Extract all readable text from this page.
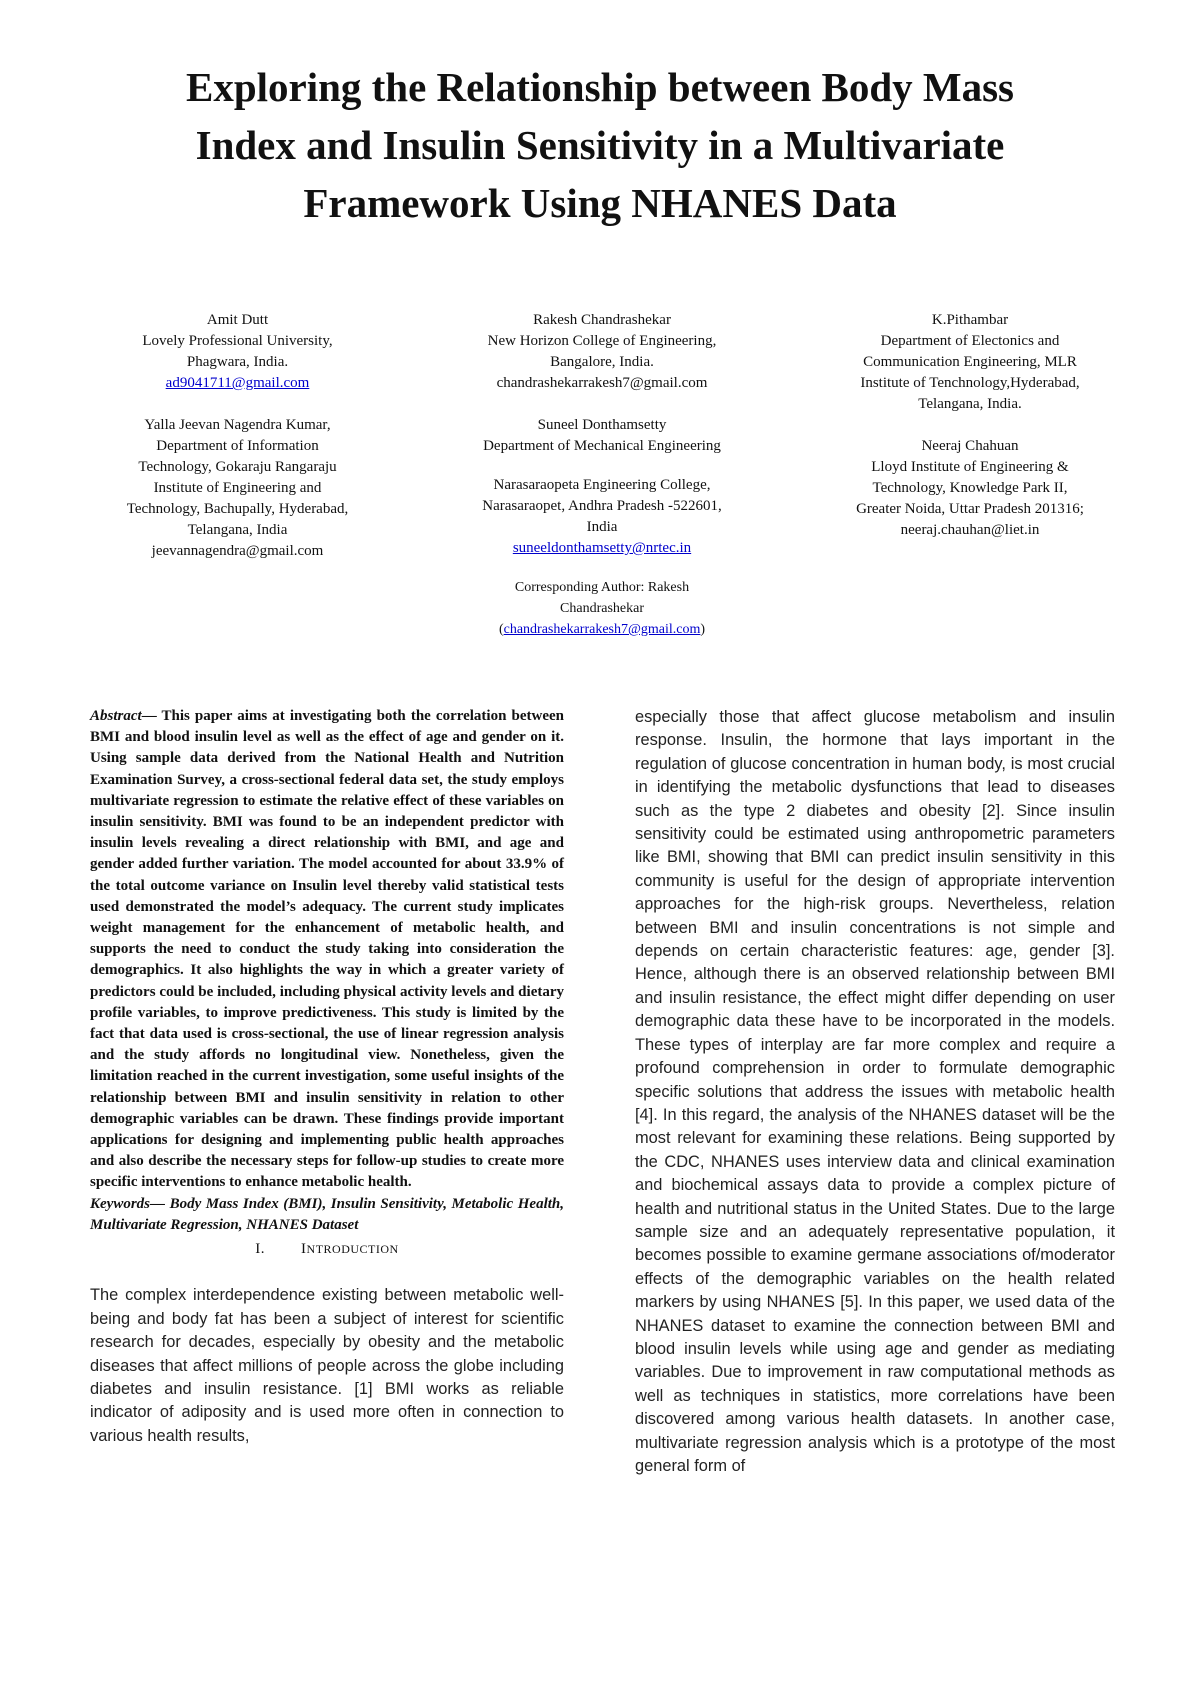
Exploring the Relationship between Body Mass
Index and Insulin Sensitivity in a Multivariate
Framework Using NHANES Data
Amit Dutt
Lovely Professional University,
Phagwara, India.
ad9041711@gmail.com
Yalla Jeevan Nagendra Kumar,
Department of Information
Technology, Gokaraju Rangaraju
Institute of Engineering and
Technology, Bachupally, Hyderabad,
Telangana, India
jeevannagendra@gmail.com
Rakesh Chandrashekar
New Horizon College of Engineering,
Bangalore, India.
chandrashekarrakesh7@gmail.com
Suneel Donthamsetty
Department of Mechanical Engineering
Narasaraopeta Engineering College,
Narasaraopet, Andhra Pradesh -522601,
India
suneeldonthamsetty@nrtec.in
Corresponding Author: Rakesh
Chandrashekar
(chandrashekarrakesh7@gmail.com)
K.Pithambar
Department of Electonics and
Communication Engineering, MLR
Institute of Tenchnology,Hyderabad,
Telangana, India.
Neeraj Chahuan
Lloyd Institute of Engineering &
Technology, Knowledge Park II,
Greater Noida, Uttar Pradesh 201316;
neeraj.chauhan@liet.in

Abstract— This paper aims at investigating both the correlation between BMI and blood insulin level as well as the effect of age and gender on it. Using sample data derived from the National Health and Nutrition Examination Survey, a cross-sectional federal data set, the study employs multivariate regression to estimate the relative effect of these variables on insulin sensitivity. BMI was found to be an independent predictor with insulin levels revealing a direct relationship with BMI, and age and gender added further variation. The model accounted for about 33.9% of the total outcome variance on Insulin level thereby valid statistical tests used demonstrated the model’s adequacy. The current study implicates weight management for the enhancement of metabolic health, and supports the need to conduct the study taking into consideration the demographics. It also highlights the way in which a greater variety of predictors could be included, including physical activity levels and dietary profile variables, to improve predictiveness. This study is limited by the fact that data used is cross-sectional, the use of linear regression analysis and the study affords no longitudinal view. Nonetheless, given the limitation reached in the current investigation, some useful insights of the relationship between BMI and insulin sensitivity in relation to other demographic variables can be drawn. These findings provide important applications for designing and implementing public health approaches and also describe the necessary steps for follow-up studies to create more specific interventions to enhance metabolic health.

Keywords— Body Mass Index (BMI), Insulin Sensitivity, Metabolic Health, Multivariate Regression, NHANES Dataset

I. INTRODUCTION

The complex interdependence existing between metabolic well-being and body fat has been a subject of interest for scientific research for decades, especially by obesity and the metabolic diseases that affect millions of people across the globe including diabetes and insulin resistance. [1] BMI works as reliable indicator of adiposity and is used more often in connection to various health results,

especially those that affect glucose metabolism and insulin response. Insulin, the hormone that lays important in the regulation of glucose concentration in human body, is most crucial in identifying the metabolic dysfunctions that lead to diseases such as the type 2 diabetes and obesity [2]. Since insulin sensitivity could be estimated using anthropometric parameters like BMI, showing that BMI can predict insulin sensitivity in this community is useful for the design of appropriate intervention approaches for the high-risk groups. Nevertheless, relation between BMI and insulin concentrations is not simple and depends on certain characteristic features: age, gender [3]. Hence, although there is an observed relationship between BMI and insulin resistance, the effect might differ depending on user demographic data these have to be incorporated in the models. These types of interplay are far more complex and require a profound comprehension in order to formulate demographic specific solutions that address the issues with metabolic health [4]. In this regard, the analysis of the NHANES dataset will be the most relevant for examining these relations. Being supported by the CDC, NHANES uses interview data and clinical examination and biochemical assays data to provide a complex picture of health and nutritional status in the United States. Due to the large sample size and an adequately representative population, it becomes possible to examine germane associations of/moderator effects of the demographic variables on the health related markers by using NHANES [5]. In this paper, we used data of the NHANES dataset to examine the connection between BMI and blood insulin levels while using age and gender as mediating variables. Due to improvement in raw computational methods as well as techniques in statistics, more correlations have been discovered among various health datasets. In another case, multivariate regression analysis which is a prototype of the most general form of
